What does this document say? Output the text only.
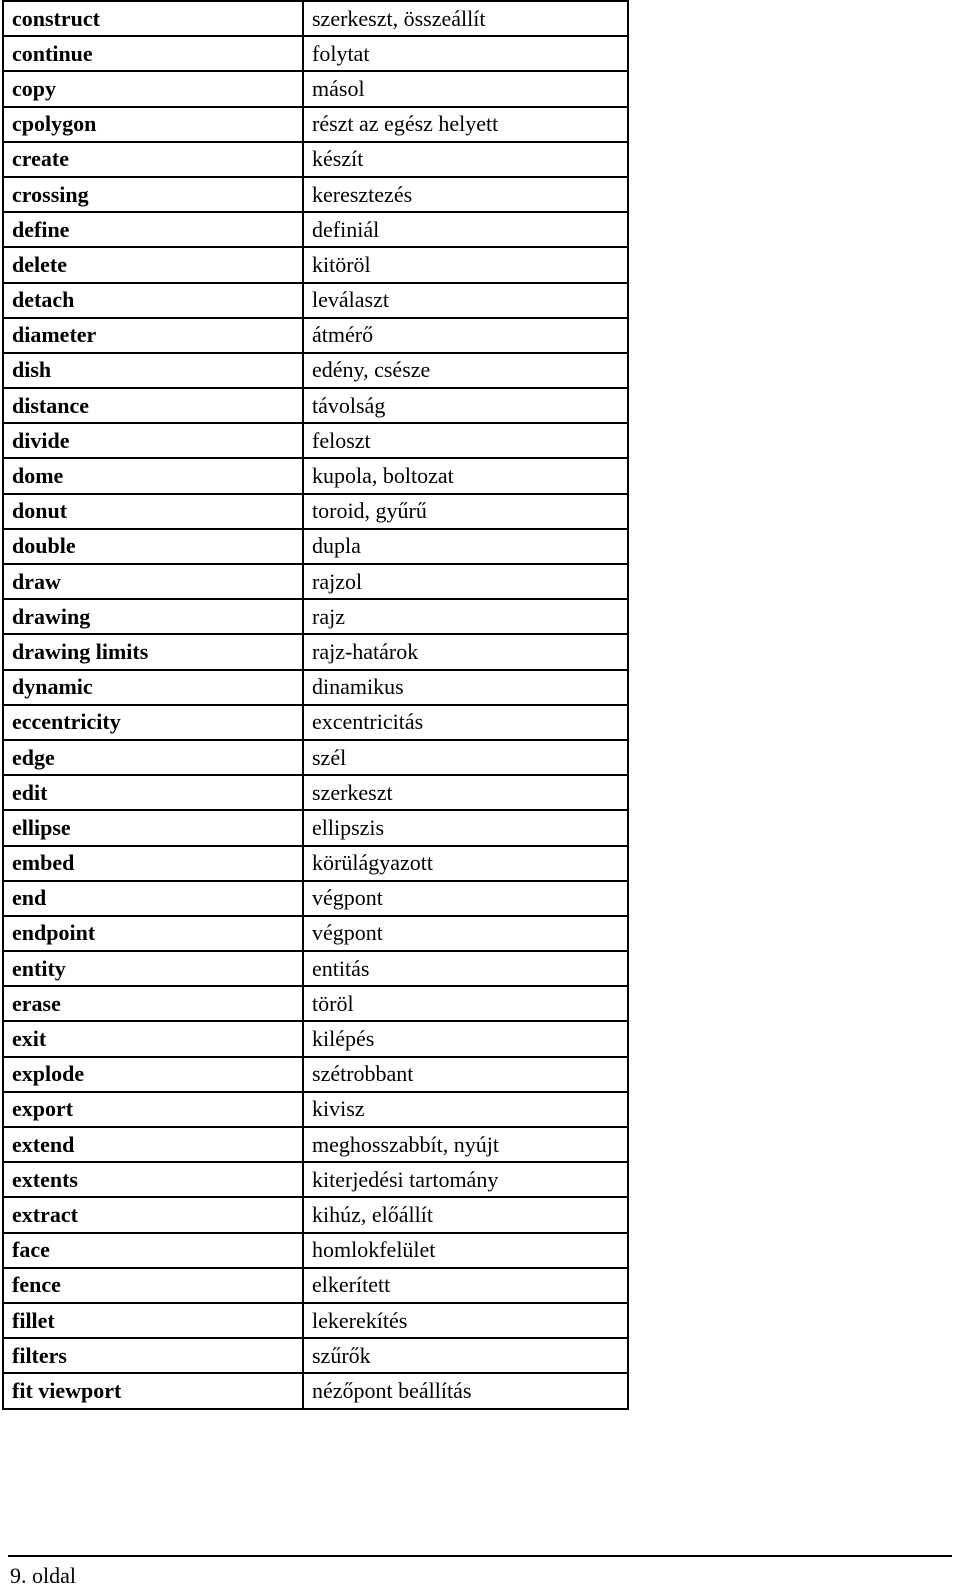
construct	szerkeszt, összeállít
continue	folytat
copy	másol
cpolygon	részt az egész helyett
create	készít
crossing	keresztezés
define	definiál
delete	kitöröl
detach	leválaszt
diameter	átmérő
dish	edény, csésze
distance	távolság
divide	feloszt
dome	kupola, boltozat
donut	toroid, gyűrű
double	dupla
draw	rajzol
drawing	rajz
drawing limits	rajz-határok
dynamic	dinamikus
eccentricity	excentricitás
edge	szél
edit	szerkeszt
ellipse	ellipszis
embed	körülágyazott
end	végpont
endpoint	végpont
entity	entitás
erase	töröl
exit	kilépés
explode	szétrobbant
export	kivisz
extend	meghosszabbít, nyújt
extents	kiterjedési tartomány
extract	kihúz, előállít
face	homlokfelület
fence	elkerített
fillet	lekerekítés
filters	szűrők
fit viewport	nézőpont beállítás
9. oldal
